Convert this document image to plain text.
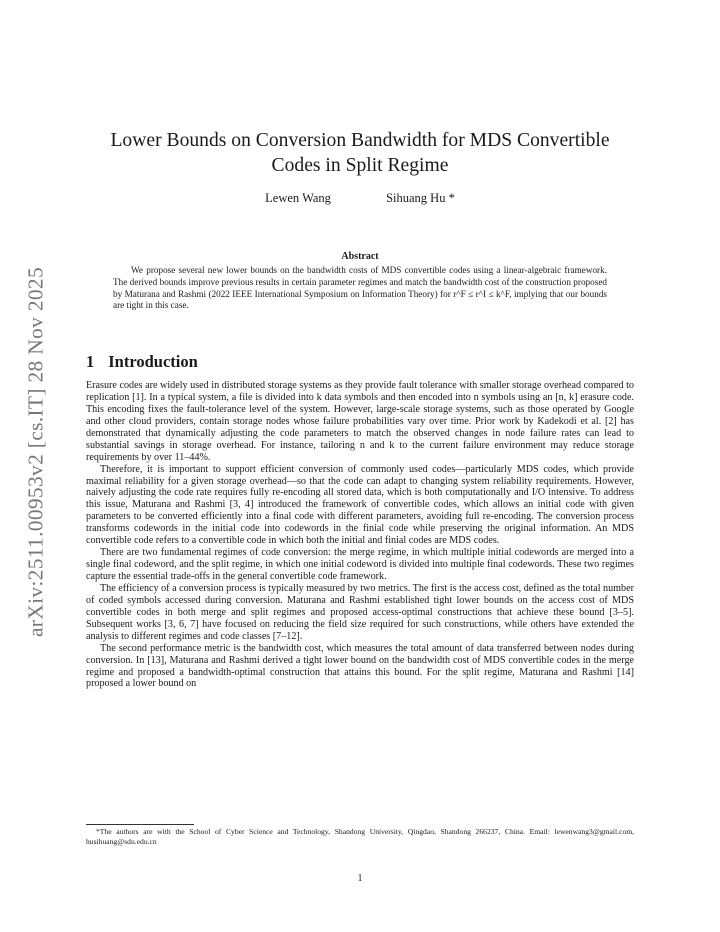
arXiv:2511.00953v2 [cs.IT] 28 Nov 2025
Lower Bounds on Conversion Bandwidth for MDS Convertible Codes in Split Regime
Lewen Wang	Sihuang Hu *
Abstract

We propose several new lower bounds on the bandwidth costs of MDS convertible codes using a linear-algebraic framework. The derived bounds improve previous results in certain parameter regimes and match the bandwidth cost of the construction proposed by Maturana and Rashmi (2022 IEEE International Symposium on Information Theory) for r^F ≤ r^I ≤ k^F, implying that our bounds are tight in this case.

1 Introduction

Erasure codes are widely used in distributed storage systems as they provide fault tolerance with smaller storage overhead compared to replication [1]. In a typical system, a file is divided into k data symbols and then encoded into n symbols using an [n, k] erasure code. This encoding fixes the fault-tolerance level of the system. However, large-scale storage systems, such as those operated by Google and other cloud providers, contain storage nodes whose failure probabilities vary over time. Prior work by Kadekodi et al. [2] has demonstrated that dynamically adjusting the code parameters to match the observed changes in node failure rates can lead to substantial savings in storage overhead. For instance, tailoring n and k to the current failure environment may reduce storage requirements by over 11–44%.

Therefore, it is important to support efficient conversion of commonly used codes—particularly MDS codes, which provide maximal reliability for a given storage overhead—so that the code can adapt to changing system reliability requirements. However, naively adjusting the code rate requires fully re-encoding all stored data, which is both computationally and I/O intensive. To address this issue, Maturana and Rashmi [3, 4] introduced the framework of convertible codes, which allows an initial code with given parameters to be converted efficiently into a final code with different parameters, avoiding full re-encoding. The conversion process transforms codewords in the initial code into codewords in the finial code while preserving the original information. An MDS convertible code refers to a convertible code in which both the initial and finial codes are MDS codes.

There are two fundamental regimes of code conversion: the merge regime, in which multiple initial codewords are merged into a single final codeword, and the split regime, in which one initial codeword is divided into multiple final codewords. These two regimes capture the essential trade-offs in the general convertible code framework.

The efficiency of a conversion process is typically measured by two metrics. The first is the access cost, defined as the total number of coded symbols accessed during conversion. Maturana and Rashmi established tight lower bounds on the access cost of MDS convertible codes in both merge and split regimes and proposed access-optimal constructions that achieve these bound [3–5]. Subsequent works [3, 6, 7] have focused on reducing the field size required for such constructions, while others have extended the analysis to different regimes and code classes [7–12].

The second performance metric is the bandwidth cost, which measures the total amount of data transferred between nodes during conversion. In [13], Maturana and Rashmi derived a tight lower bound on the bandwidth cost of MDS convertible codes in the merge regime and proposed a bandwidth-optimal construction that attains this bound. For the split regime, Maturana and Rashmi [14] proposed a lower bound on

*The authors are with the School of Cyber Science and Technology, Shandong University, Qingdao, Shandong 266237, China. Email: lewenwang3@gmail.com, husihuang@sdu.edu.cn

1
